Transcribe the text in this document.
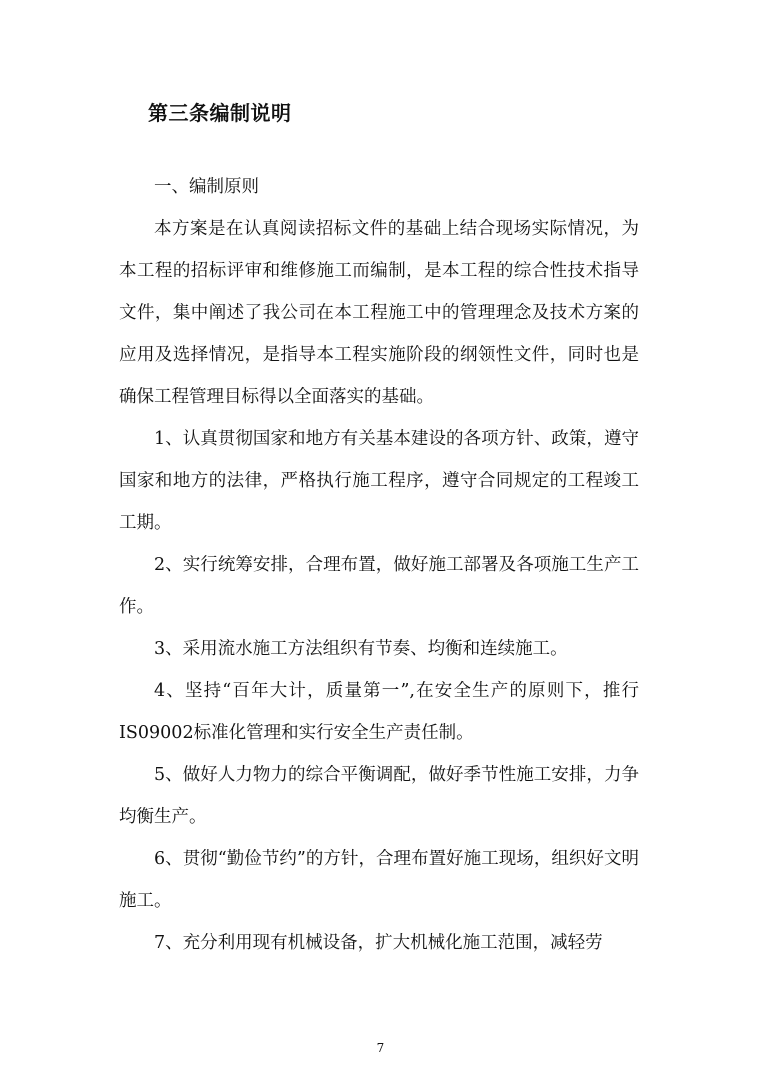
第三条编制说明

一、编制原则

本方案是在认真阅读招标文件的基础上结合现场实际情况，为本工程的招标评审和维修施工而编制，是本工程的综合性技术指导文件，集中阐述了我公司在本工程施工中的管理理念及技术方案的应用及选择情况，是指导本工程实施阶段的纲领性文件，同时也是确保工程管理目标得以全面落实的基础。

1、认真贯彻国家和地方有关基本建设的各项方针、政策，遵守国家和地方的法律，严格执行施工程序，遵守合同规定的工程竣工工期。

2、实行统筹安排，合理布置，做好施工部署及各项施工生产工作。

3、采用流水施工方法组织有节奏、均衡和连续施工。

4、坚持“百年大计，质量第一”,在安全生产的原则下，推行IS09002标准化管理和实行安全生产责任制。

5、做好人力物力的综合平衡调配，做好季节性施工安排，力争均衡生产。

6、贯彻“勤俭节约”的方针，合理布置好施工现场，组织好文明施工。

7、充分利用现有机械设备，扩大机械化施工范围，减轻劳

7
